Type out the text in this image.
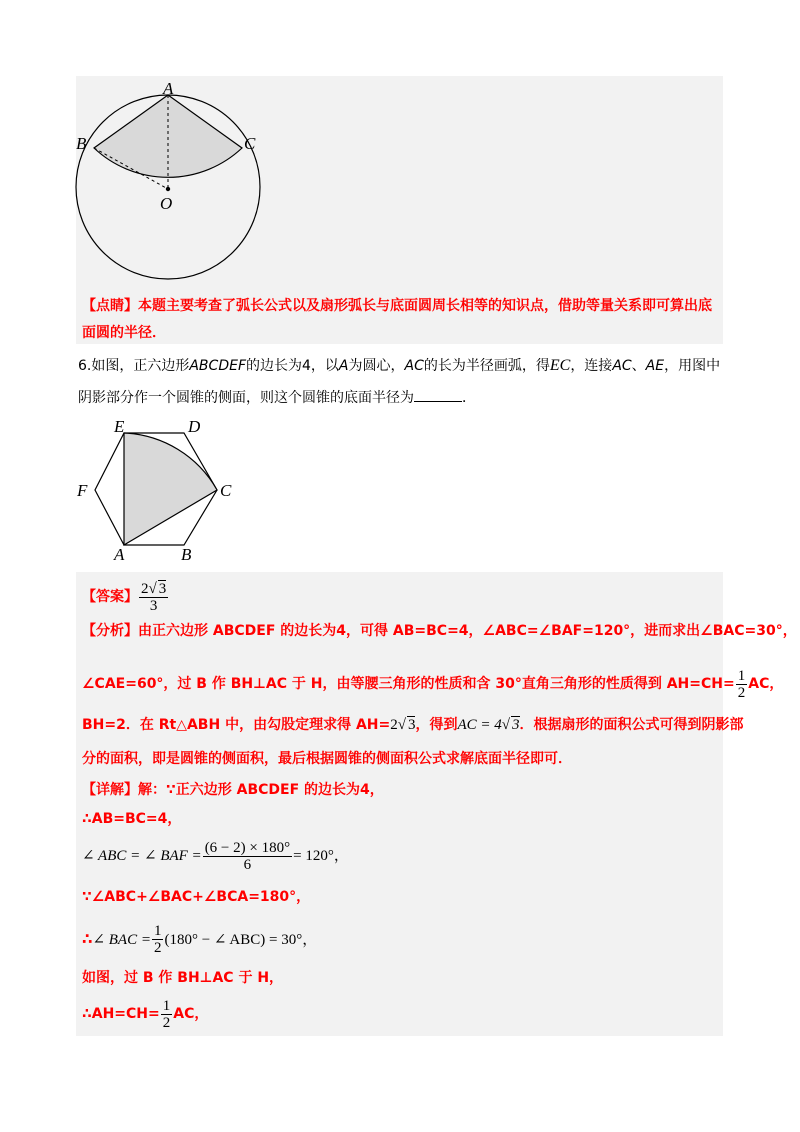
A
B	C
O
【点睛】本题主要考查了弧长公式以及扇形弧长与底面圆周长相等的知识点，借助等量关系即可算出底
面圆的半径．
6.如图，正六边形ABCDEF的边长为4，以A为圆心，AC的长为半径画弧，得EC，连接AC、AE，用图中
阴影部分作一个圆锥的侧面，则这个圆锥的底面半径为	．
E	D
F	C
A	B
【答案】 $\frac{2√ 3}{3}$
【分析】由正六边形 ABCDEF 的边长为4，可得 AB=BC=4，∠ABC=∠BAF=120°，进而求出∠BAC=30°，
∠CAE=60°，过 B 作 BH⊥AC 于 H，由等腰三角形的性质和含 30°直角三角形的性质得到 $AH=CH= \frac{1}{2}$ AC，
BH=2．在 Rt△ABH 中，由勾股定理求得 AH=2√ 3，得到AC = 4√ 3．根据扇形的面积公式可得到阴影部
分的面积，即是圆锥的侧面积，最后根据圆锥的侧面积公式求解底面半径即可．
【详解】解：∵正六边形 ABCDEF 的边长为4，
∴AB=BC=4，
∠ ABC = ∠ BAF = $\frac{(6 - 2) \times 180^\circ}{6} = 120^\circ$，
∵∠ABC+∠BAC+∠BCA=180°，
∴∠ BAC = $\frac{1}{2} (180^\circ$ − ∠ ABC) = 30°，
如图，过 B 作 BH⊥AC 于 H，
∴AH=CH= $\frac{1}{2}$ AC，
